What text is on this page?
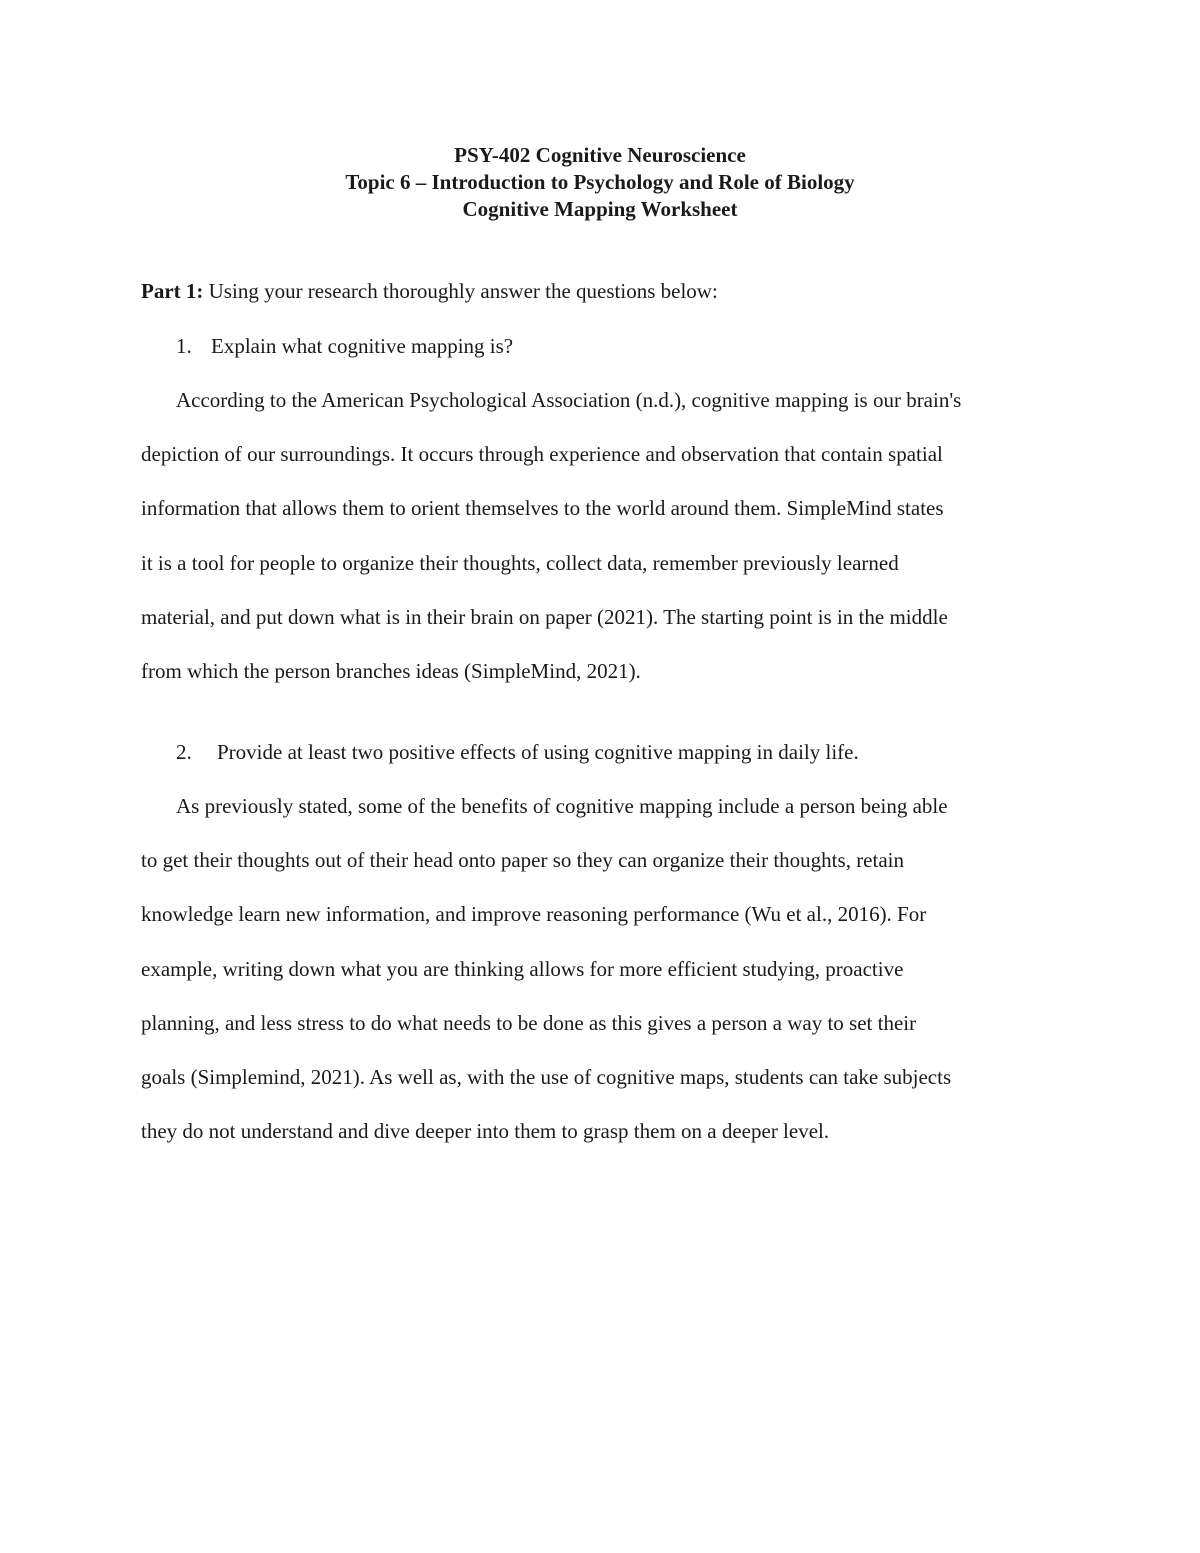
PSY-402 Cognitive Neuroscience
Topic 6 – Introduction to Psychology and Role of Biology
Cognitive Mapping Worksheet
Part 1: Using your research thoroughly answer the questions below:
1. Explain what cognitive mapping is?
According to the American Psychological Association (n.d.), cognitive mapping is our brain's
depiction of our surroundings. It occurs through experience and observation that contain spatial
information that allows them to orient themselves to the world around them. SimpleMind states
it is a tool for people to organize their thoughts, collect data, remember previously learned
material, and put down what is in their brain on paper (2021). The starting point is in the middle
from which the person branches ideas (SimpleMind, 2021).
2. Provide at least two positive effects of using cognitive mapping in daily life.
As previously stated, some of the benefits of cognitive mapping include a person being able
to get their thoughts out of their head onto paper so they can organize their thoughts, retain
knowledge learn new information, and improve reasoning performance (Wu et al., 2016). For
example, writing down what you are thinking allows for more efficient studying, proactive
planning, and less stress to do what needs to be done as this gives a person a way to set their
goals (Simplemind, 2021). As well as, with the use of cognitive maps, students can take subjects
they do not understand and dive deeper into them to grasp them on a deeper level.
